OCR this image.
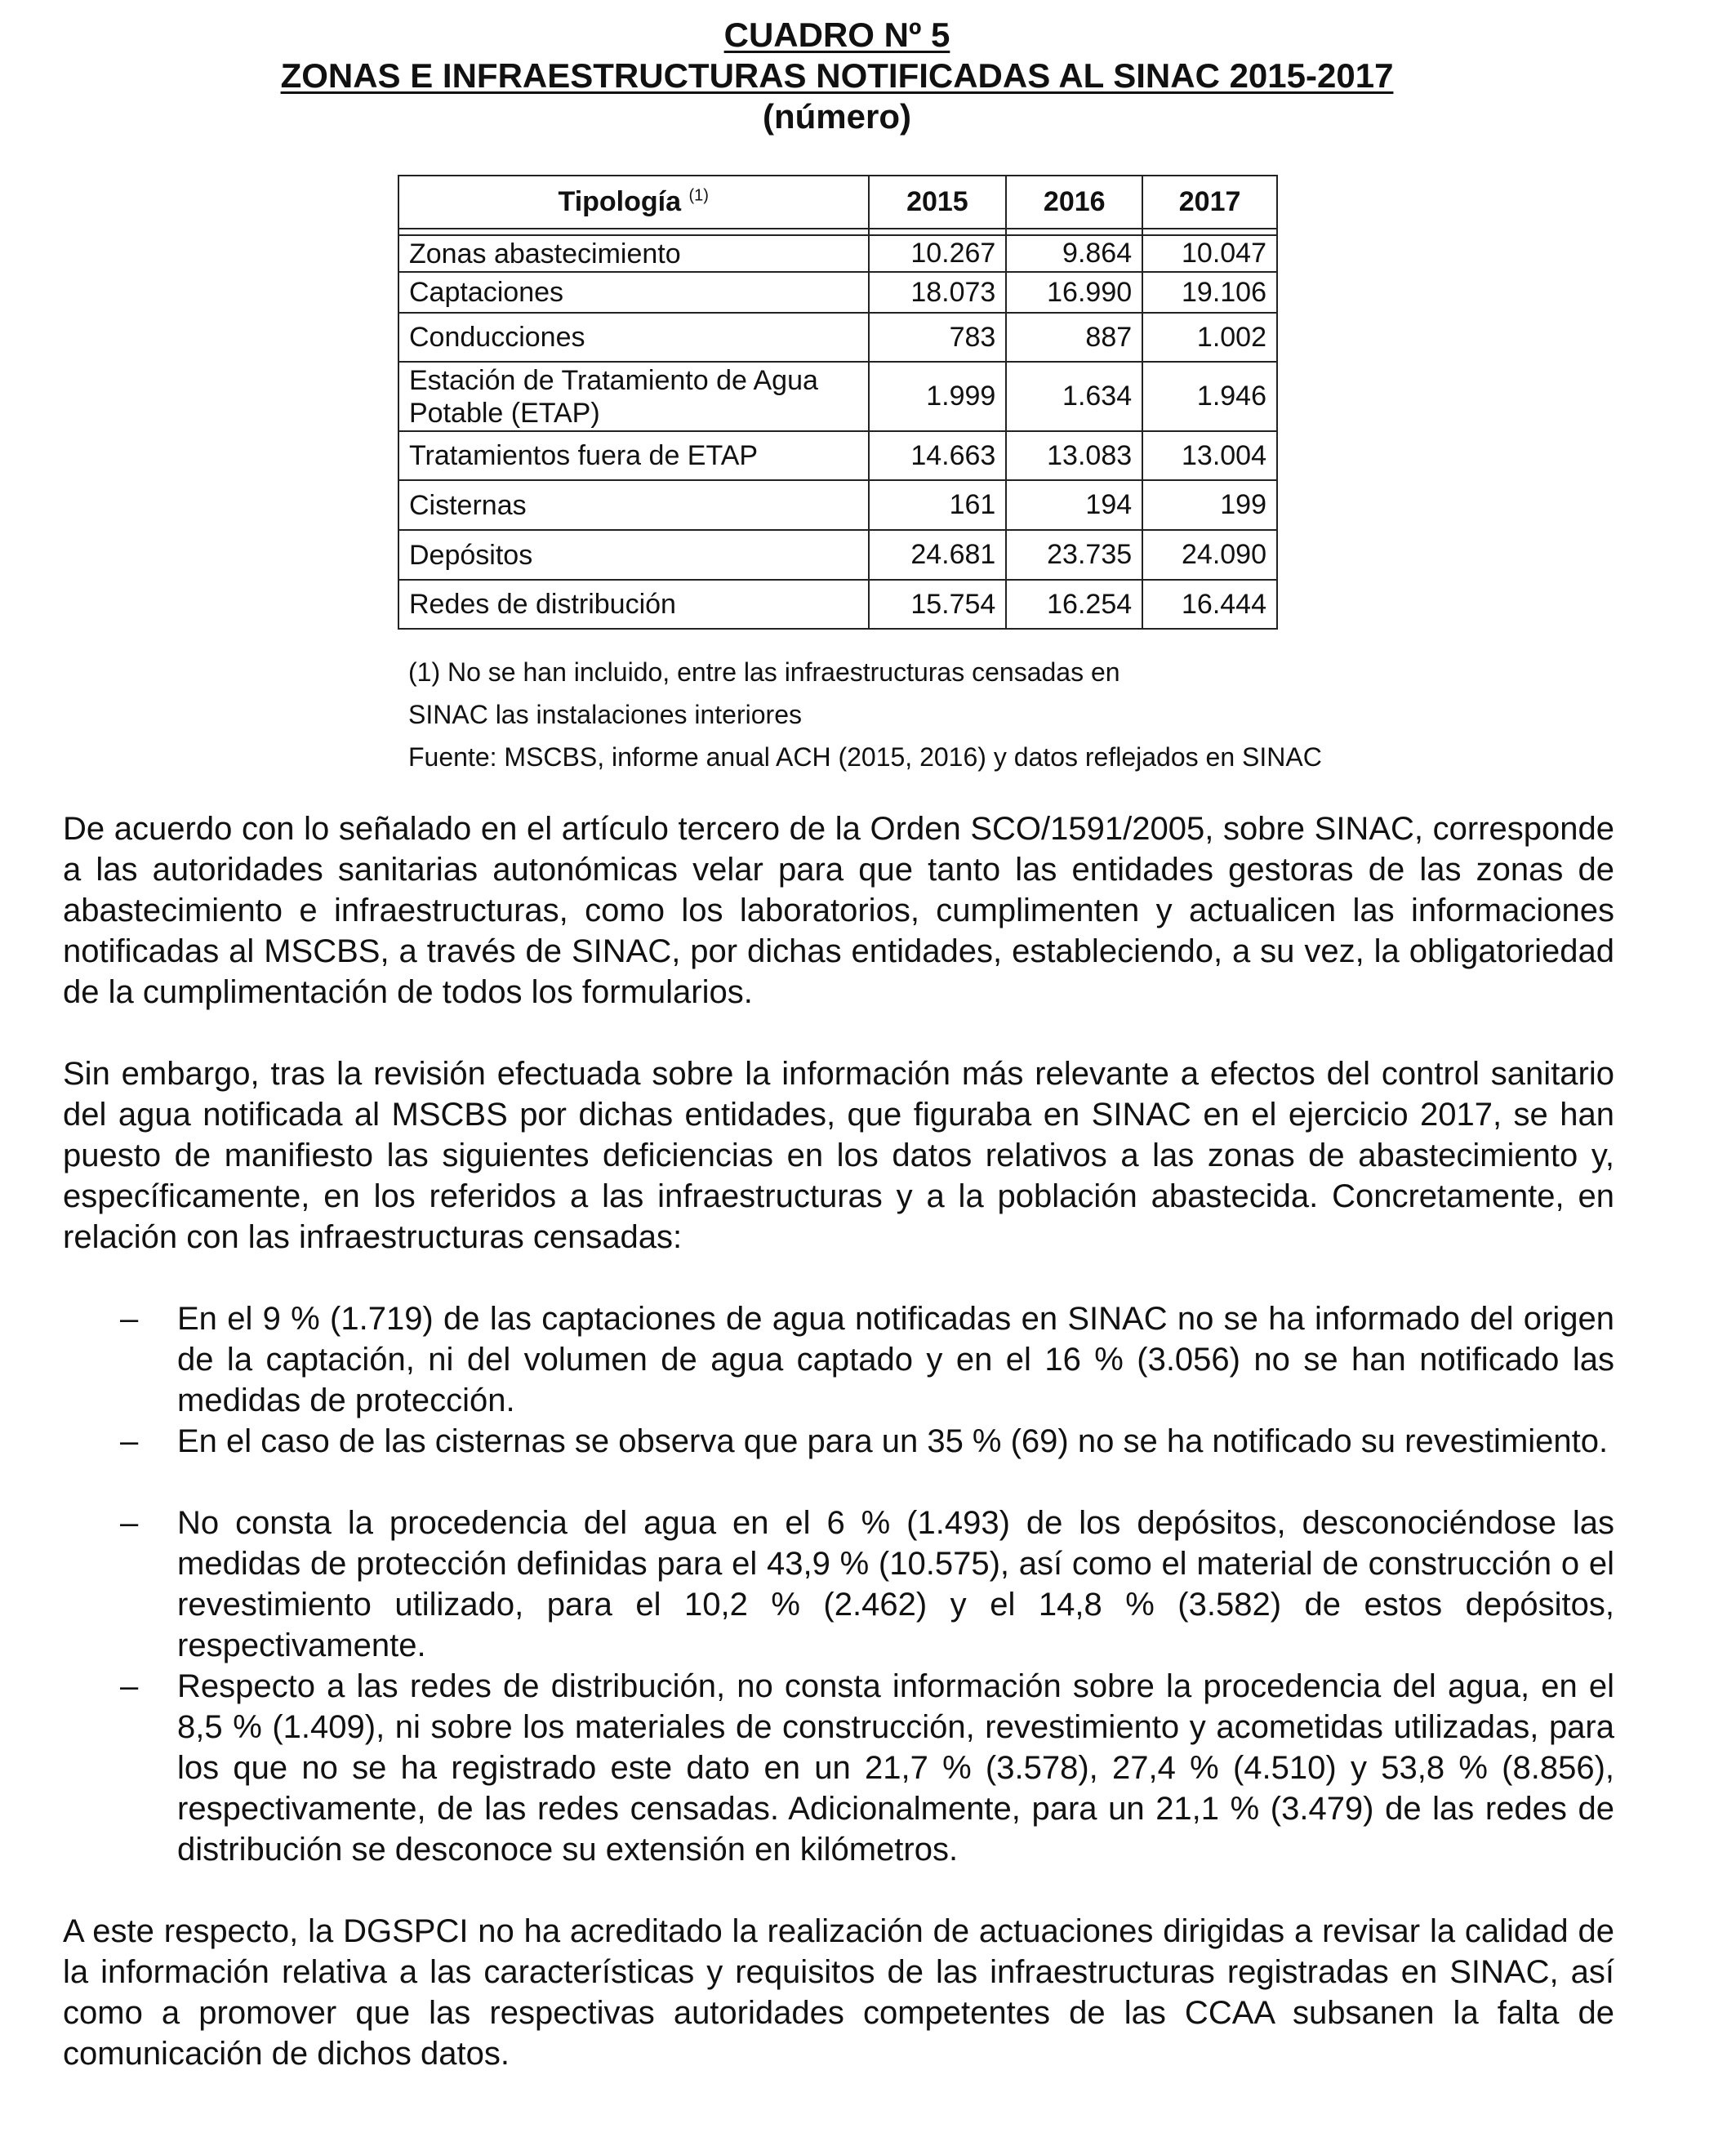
CUADRO Nº 5
ZONAS E INFRAESTRUCTURAS NOTIFICADAS AL SINAC 2015-2017
(número)
Tipología $^{(1)}$	2015	2016	2017

Zonas abastecimiento	10.267	9.864	10.047
Captaciones	18.073	16.990	19.106
Conducciones	783	887	1.002
Estación de Tratamiento de Agua Potable (ETAP)	1.999	1.634	1.946
Tratamientos fuera de ETAP	14.663	13.083	13.004
Cisternas	161	194	199
Depósitos	24.681	23.735	24.090
Redes de distribución	15.754	16.254	16.444
(1) No se han incluido, entre las infraestructuras censadas en
SINAC las instalaciones interiores
Fuente: MSCBS, informe anual ACH (2015, 2016) y datos reflejados en SINAC
De acuerdo con lo señalado en el artículo tercero de la Orden SCO/1591/2005, sobre SINAC, corresponde a las autoridades sanitarias autonómicas velar para que tanto las entidades gestoras de las zonas de abastecimiento e infraestructuras, como los laboratorios, cumplimenten y actualicen las informaciones notificadas al MSCBS, a través de SINAC, por dichas entidades, estableciendo, a su vez, la obligatoriedad de la cumplimentación de todos los formularios.
Sin embargo, tras la revisión efectuada sobre la información más relevante a efectos del control sanitario del agua notificada al MSCBS por dichas entidades, que figuraba en SINAC en el ejercicio 2017, se han puesto de manifiesto las siguientes deficiencias en los datos relativos a las zonas de abastecimiento y, específicamente, en los referidos a las infraestructuras y a la población abastecida. Concretamente, en relación con las infraestructuras censadas:
– En el 9 % (1.719) de las captaciones de agua notificadas en SINAC no se ha informado del origen de la captación, ni del volumen de agua captado y en el 16 % (3.056) no se han notificado las medidas de protección.
– En el caso de las cisternas se observa que para un 35 % (69) no se ha notificado su revestimiento.
– No consta la procedencia del agua en el 6 % (1.493) de los depósitos, desconociéndose las medidas de protección definidas para el 43,9 % (10.575), así como el material de construcción o el revestimiento utilizado, para el 10,2 % (2.462) y el 14,8 % (3.582) de estos depósitos, respectivamente.
– Respecto a las redes de distribución, no consta información sobre la procedencia del agua, en el 8,5 % (1.409), ni sobre los materiales de construcción, revestimiento y acometidas utilizadas, para los que no se ha registrado este dato en un 21,7 % (3.578), 27,4 % (4.510) y 53,8 % (8.856), respectivamente, de las redes censadas. Adicionalmente, para un 21,1 % (3.479) de las redes de distribución se desconoce su extensión en kilómetros.
A este respecto, la DGSPCI no ha acreditado la realización de actuaciones dirigidas a revisar la calidad de la información relativa a las características y requisitos de las infraestructuras registradas en SINAC, así como a promover que las respectivas autoridades competentes de las CCAA subsanen la falta de comunicación de dichos datos.
